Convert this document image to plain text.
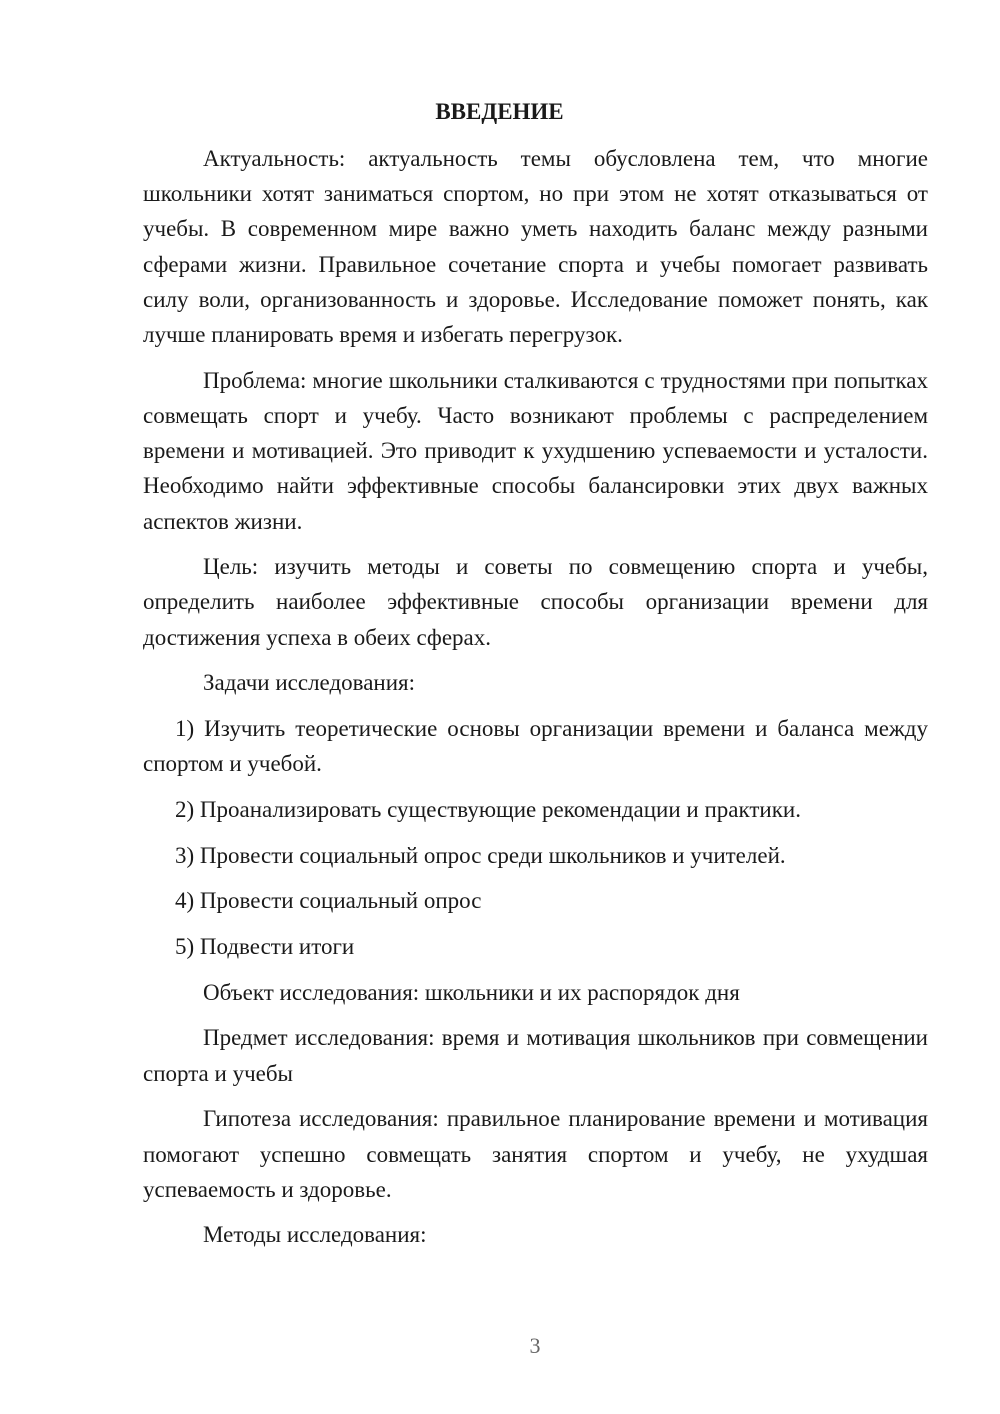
ВВЕДЕНИЕ

Актуальность: актуальность темы обусловлена тем, что многие школьники хотят заниматься спортом, но при этом не хотят отказываться от учебы. В современном мире важно уметь находить баланс между разными сферами жизни. Правильное сочетание спорта и учебы помогает развивать силу воли, организованность и здоровье. Исследование поможет понять, как лучше планировать время и избегать перегрузок.

Проблема: многие школьники сталкиваются с трудностями при попытках совмещать спорт и учебу. Часто возникают проблемы с распределением времени и мотивацией. Это приводит к ухудшению успеваемости и усталости. Необходимо найти эффективные способы балансировки этих двух важных аспектов жизни.

Цель: изучить методы и советы по совмещению спорта и учебы, определить наиболее эффективные способы организации времени для достижения успеха в обеих сферах.

Задачи исследования:

1) Изучить теоретические основы организации времени и баланса между спортом и учебой.

2) Проанализировать существующие рекомендации и практики.

3) Провести социальный опрос среди школьников и учителей.

4) Провести социальный опрос

5) Подвести итоги

Объект исследования: школьники и их распорядок дня

Предмет исследования: время и мотивация школьников при совмещении спорта и учебы

Гипотеза исследования: правильное планирование времени и мотивация помогают успешно совмещать занятия спортом и учебу, не ухудшая успеваемость и здоровье.

Методы исследования:

3
